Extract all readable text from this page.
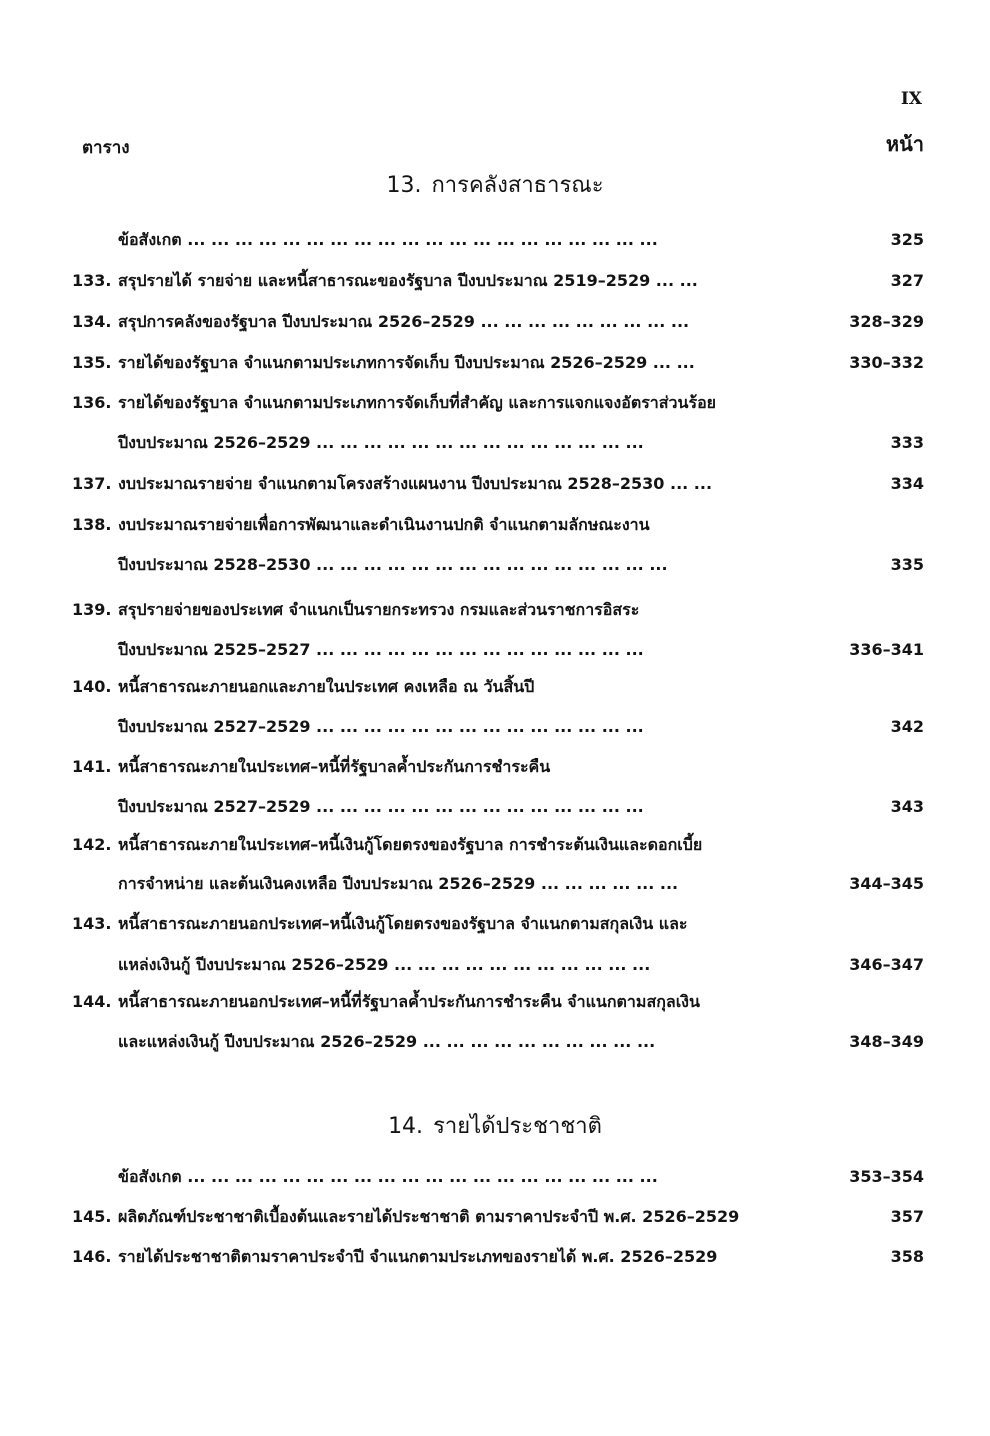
IX
ตาราง	หน้า
13. การคลังสาธารณะ
ข้อสังเกต ... ... ... ... ... ... ... ... ... ... ... ... ... ... ... ... ... ... ... ...	325
133. สรุปรายได้ รายจ่าย และหนี้สาธารณะของรัฐบาล ปีงบประมาณ 2519–2529 ... ...	327
134. สรุปการคลังของรัฐบาล ปีงบประมาณ 2526–2529 ... ... ... ... ... ... ... ... ...	328–329
135. รายได้ของรัฐบาล จำแนกตามประเภทการจัดเก็บ ปีงบประมาณ 2526–2529 ... ...	330–332
136. รายได้ของรัฐบาล จำแนกตามประเภทการจัดเก็บที่สำคัญ และการแจกแจงอัตราส่วนร้อย
ปีงบประมาณ 2526–2529 ... ... ... ... ... ... ... ... ... ... ... ... ... ...	333
137. งบประมาณรายจ่าย จำแนกตามโครงสร้างแผนงาน ปีงบประมาณ 2528–2530 ... ...	334
138. งบประมาณรายจ่ายเพื่อการพัฒนาและดำเนินงานปกติ จำแนกตามลักษณะงาน
ปีงบประมาณ 2528–2530 ... ... ... ... ... ... ... ... ... ... ... ... ... ... ...	335
139. สรุปรายจ่ายของประเทศ จำแนกเป็นรายกระทรวง กรมและส่วนราชการอิสระ
ปีงบประมาณ 2525–2527 ... ... ... ... ... ... ... ... ... ... ... ... ... ...	336–341
140. หนี้สาธารณะภายนอกและภายในประเทศ คงเหลือ ณ วันสิ้นปี
ปีงบประมาณ 2527–2529 ... ... ... ... ... ... ... ... ... ... ... ... ... ...	342
141. หนี้สาธารณะภายในประเทศ–หนี้ที่รัฐบาลค้ำประกันการชำระคืน
ปีงบประมาณ 2527–2529 ... ... ... ... ... ... ... ... ... ... ... ... ... ...	343
142. หนี้สาธารณะภายในประเทศ–หนี้เงินกู้โดยตรงของรัฐบาล การชำระต้นเงินและดอกเบี้ย
การจำหน่าย และต้นเงินคงเหลือ ปีงบประมาณ 2526–2529 ... ... ... ... ... ...	344–345
143. หนี้สาธารณะภายนอกประเทศ–หนี้เงินกู้โดยตรงของรัฐบาล จำแนกตามสกุลเงิน และ
แหล่งเงินกู้ ปีงบประมาณ 2526–2529 ... ... ... ... ... ... ... ... ... ... ...	346–347
144. หนี้สาธารณะภายนอกประเทศ–หนี้ที่รัฐบาลค้ำประกันการชำระคืน จำแนกตามสกุลเงิน
และแหล่งเงินกู้ ปีงบประมาณ 2526–2529 ... ... ... ... ... ... ... ... ... ...	348–349
14. รายได้ประชาชาติ
ข้อสังเกต ... ... ... ... ... ... ... ... ... ... ... ... ... ... ... ... ... ... ... ...	353–354
145. ผลิตภัณฑ์ประชาชาติเบื้องต้นและรายได้ประชาชาติ ตามราคาประจำปี พ.ศ. 2526–2529	357
146. รายได้ประชาชาติตามราคาประจำปี จำแนกตามประเภทของรายได้ พ.ศ. 2526–2529	358
